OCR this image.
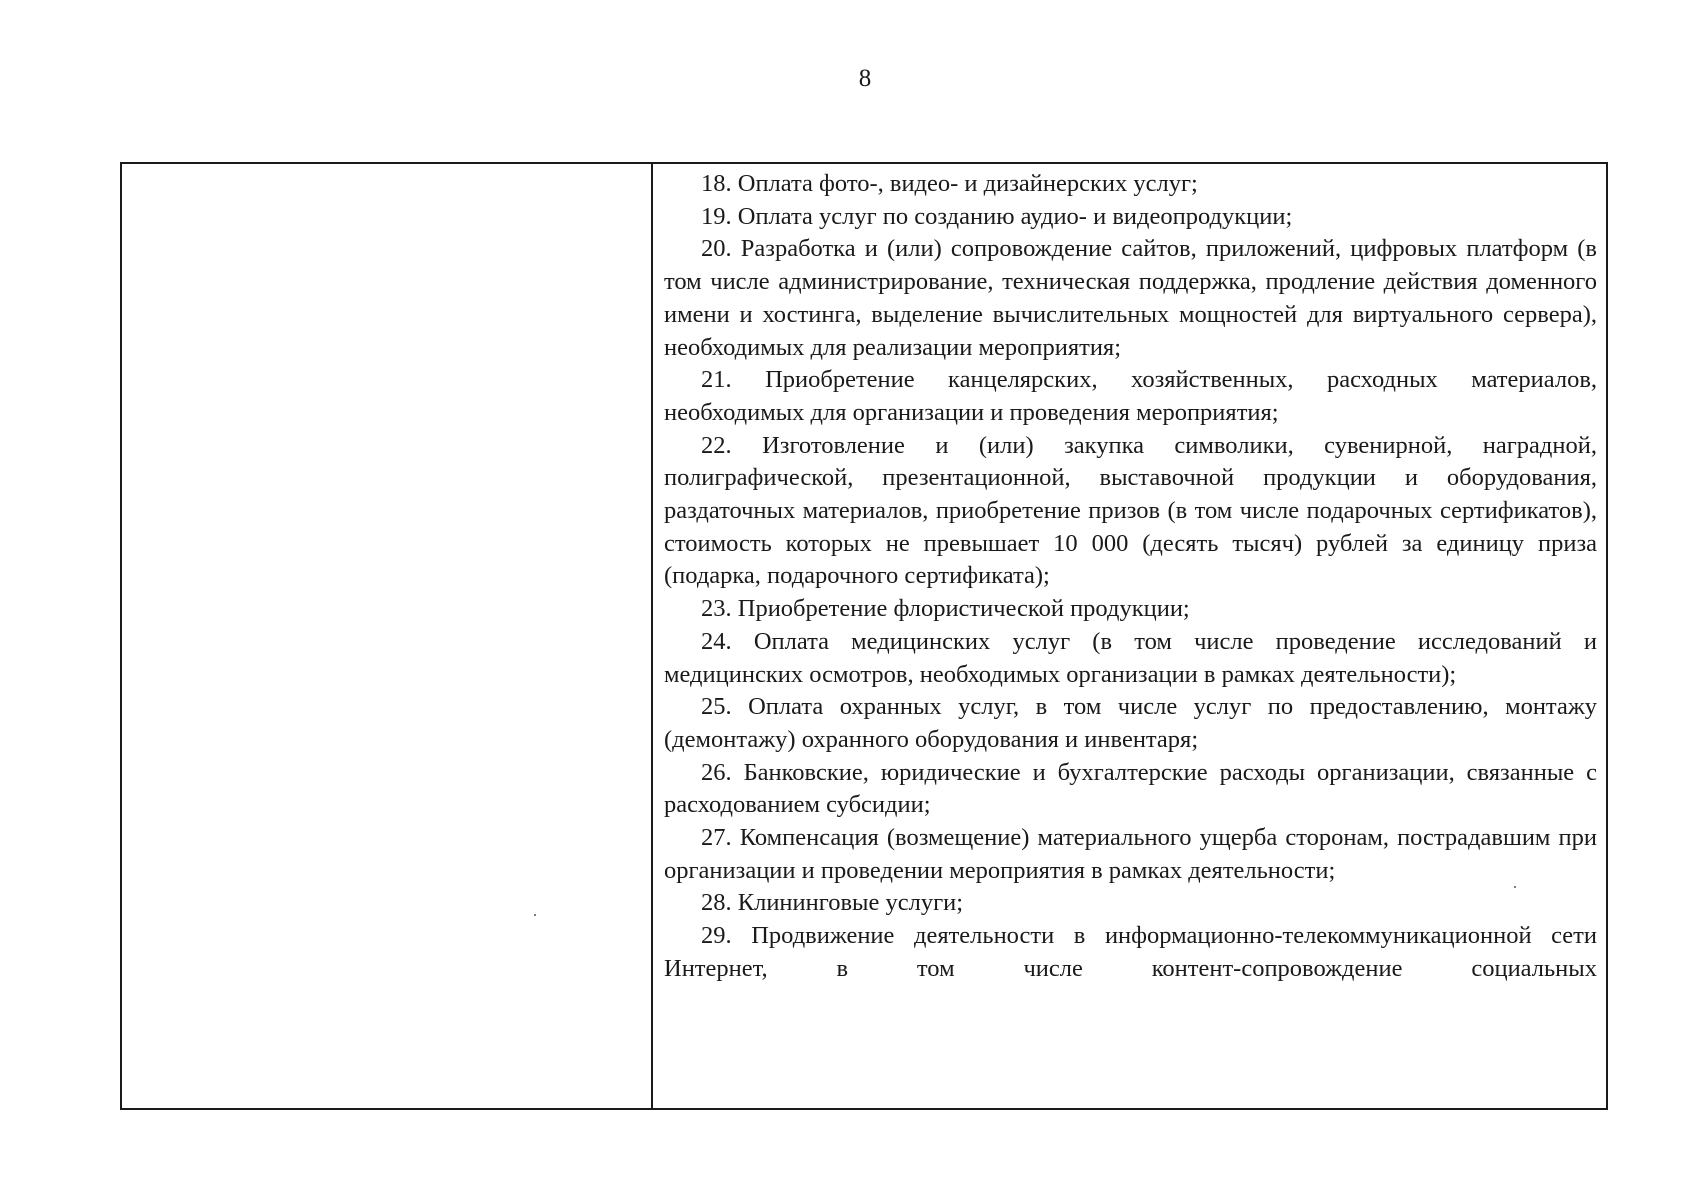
8

18. Оплата фото-, видео- и дизайнерских услуг;

19. Оплата услуг по созданию аудио- и видеопродукции;

20. Разработка и (или) сопровождение сайтов, приложений, цифровых платформ (в том числе администрирование, техническая поддержка, продление действия доменного имени и хостинга, выделение вычислительных мощностей для виртуального сервера), необходимых для реализации мероприятия;

21. Приобретение канцелярских, хозяйственных, расходных материалов, необходимых для организации и проведения мероприятия;

22. Изготовление и (или) закупка символики, сувенирной, наградной, полиграфической, презентационной, выставочной продукции и оборудования, раздаточных материалов, приобретение призов (в том числе подарочных сертификатов), стоимость которых не превышает 10 000 (десять тысяч) рублей за единицу приза (подарка, подарочного сертификата);

23. Приобретение флористической продукции;

24. Оплата медицинских услуг (в том числе проведение исследований и медицинских осмотров, необходимых организации в рамках деятельности);

25. Оплата охранных услуг, в том числе услуг по предоставлению, монтажу (демонтажу) охранного оборудования и инвентаря;

26. Банковские, юридические и бухгалтерские расходы организации, связанные с расходованием субсидии;

27. Компенсация (возмещение) материального ущерба сторонам, пострадавшим при организации и проведении мероприятия в рамках деятельности;

28. Клининговые услуги;

29. Продвижение деятельности в информационно-телекоммуникационной сети Интернет, в том числе контент-сопровождение социальных
